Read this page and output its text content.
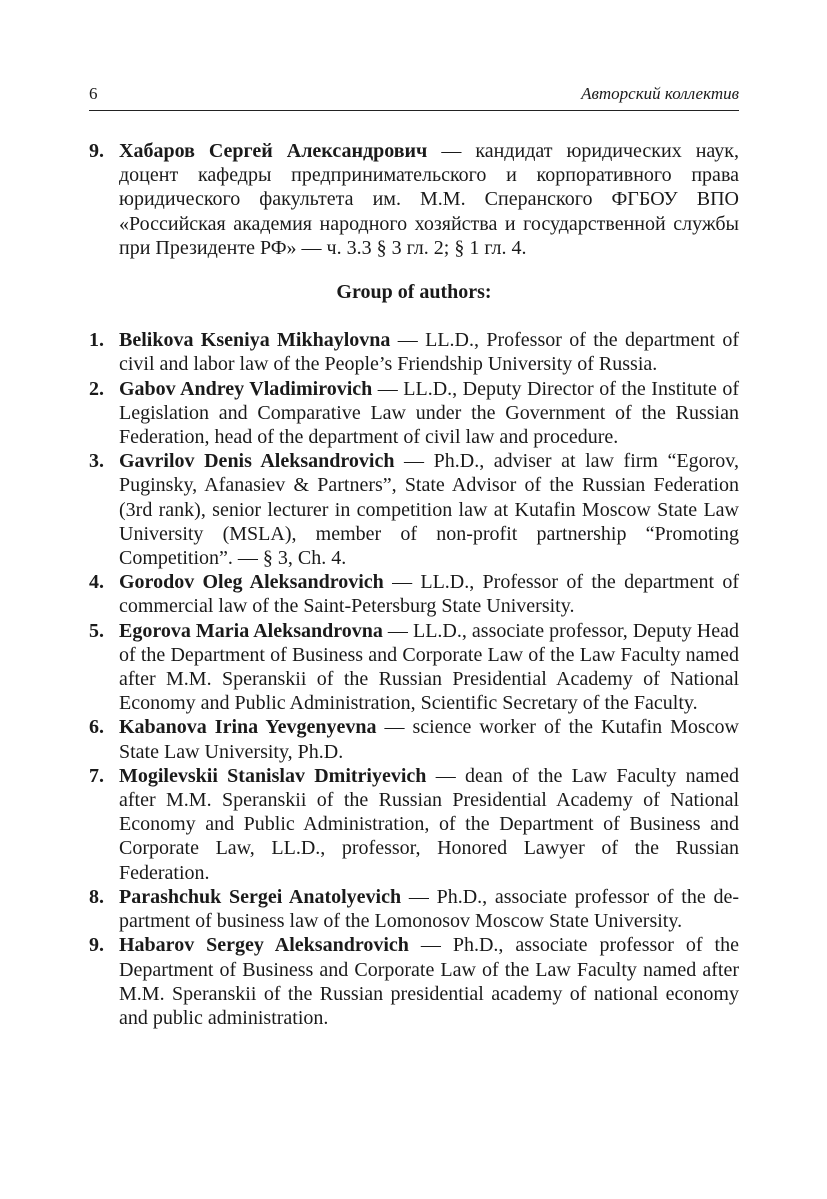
6	Авторский коллектив
9. Хабаров Сергей Александрович — кандидат юридических наук, доцент кафедры предпринимательского и корпоративного права юридического факультета им. М.М. Сперанского ФГБОУ ВПО «Российская академия народного хозяйства и государственной службы при Президенте РФ» — ч. 3.3 § 3 гл. 2; § 1 гл. 4.
Group of authors:
1. Belikova Kseniya Mikhaylovna — LL.D., Professor of the department of civil and labor law of the People’s Friendship University of Russia.
2. Gabov Andrey Vladimirovich — LL.D., Deputy Director of the Institute of Legislation and Comparative Law under the Government of the Russian Federation, head of the department of civil law and procedure.
3. Gavrilov Denis Aleksandrovich — Ph.D., adviser at law firm “Egorov, Puginsky, Afanasiev & Partners”, State Advisor of the Russian Federation (3rd rank), senior lecturer in competition law at Kutafin Moscow State Law University (MSLA), member of non-profit partnership “Promoting Competition”. — § 3, Ch. 4.
4. Gorodov Oleg Aleksandrovich — LL.D., Professor of the department of commercial law of the Saint-Petersburg State University.
5. Egorova Maria Aleksandrovna — LL.D., associate professor, Deputy Head of the Department of Business and Corporate Law of the Law Faculty named after M.M. Speranskii of the Russian Presidential Academy of National Economy and Public Administration, Scientific Secretary of the Faculty.
6. Kabanova Irina Yevgenyevna — science worker of the Kutafin Moscow State Law University, Ph.D.
7. Mogilevskii Stanislav Dmitriyevich — dean of the Law Faculty named after M.M. Speranskii of the Russian Presidential Academy of National Economy and Public Administration, of the Department of Business and Corporate Law, LL.D., professor, Honored Lawyer of the Russian Federation.
8. Parashchuk Sergei Anatolyevich — Ph.D., associate professor of the department of business law of the Lomonosov Moscow State University.
9. Habarov Sergey Aleksandrovich — Ph.D., associate professor of the Department of Business and Corporate Law of the Law Faculty named after M.M. Speranskii of the Russian presidential academy of national economy and public administration.
